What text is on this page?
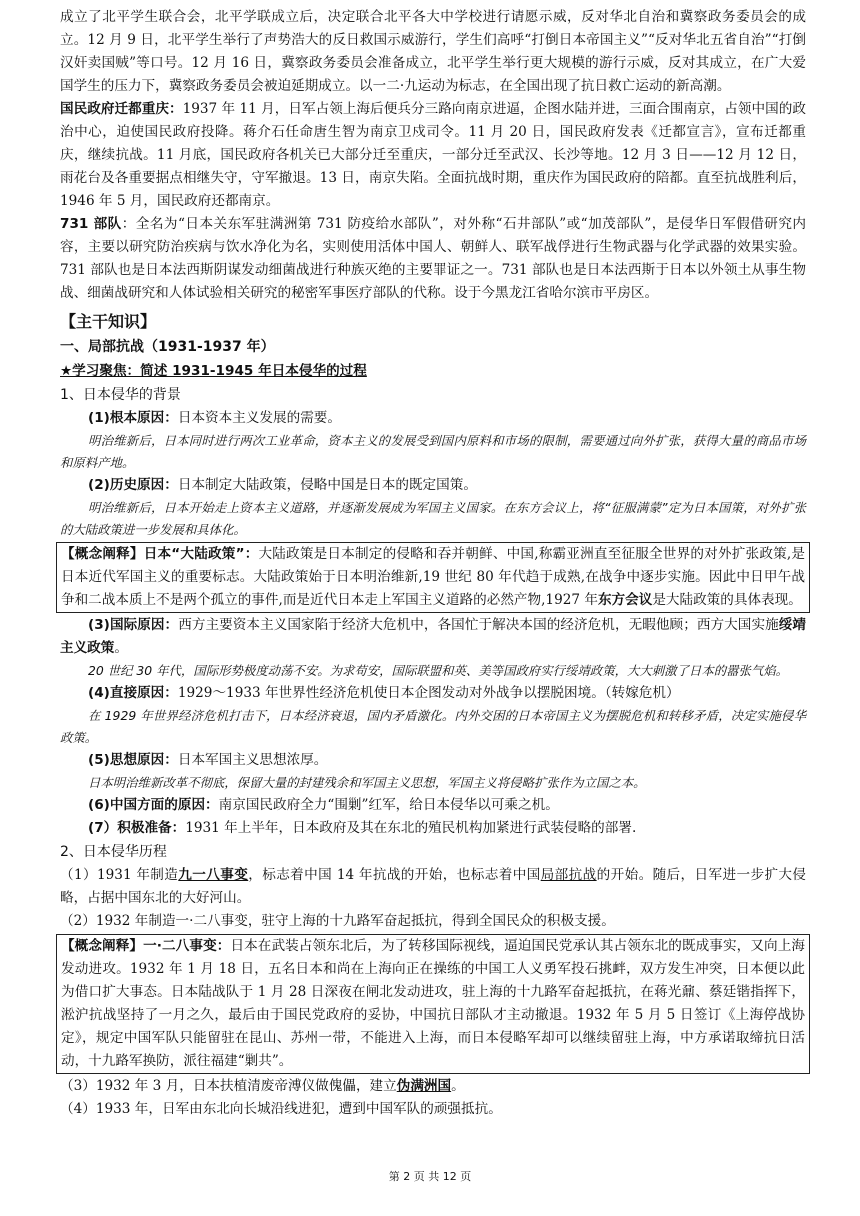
成立了北平学生联合会，北平学联成立后，决定联合北平各大中学校进行请愿示威，反对华北自治和冀察政务委员会的成立。12 月 9 日，北平学生举行了声势浩大的反日救国示威游行，学生们高呼“打倒日本帝国主义”“反对华北五省自治”“打倒汉奸卖国贼”等口号。12 月 16 日，冀察政务委员会准备成立，北平学生举行更大规模的游行示威，反对其成立，在广大爱国学生的压力下，冀察政务委员会被迫延期成立。以一二·九运动为标志，在全国出现了抗日救亡运动的新高潮。

国民政府迁都重庆：1937 年 11 月，日军占领上海后便兵分三路向南京进逼，企图水陆并进，三面合围南京，占领中国的政治中心，迫使国民政府投降。蒋介石任命唐生智为南京卫戍司令。11 月 20 日，国民政府发表《迁都宣言》，宣布迁都重庆，继续抗战。11 月底，国民政府各机关已大部分迁至重庆，一部分迁至武汉、长沙等地。12 月 3 日——12 月 12 日，雨花台及各重要据点相继失守，守军撤退。13 日，南京失陷。全面抗战时期，重庆作为国民政府的陪都。直至抗战胜利后，1946 年 5 月，国民政府还都南京。

731 部队：全名为“日本关东军驻满洲第 731 防疫给水部队”，对外称“石井部队”或“加茂部队”，是侵华日军假借研究内容，主要以研究防治疾病与饮水净化为名，实则使用活体中国人、朝鲜人、联军战俘进行生物武器与化学武器的效果实验。731 部队也是日本法西斯阴谋发动细菌战进行种族灭绝的主要罪证之一。731 部队也是日本法西斯于日本以外领土从事生物战、细菌战研究和人体试验相关研究的秘密军事医疗部队的代称。设于今黑龙江省哈尔滨市平房区。

【主干知识】
一、局部抗战（1931-1937 年）
★学习聚焦：简述 1931-1945 年日本侵华的过程
1、日本侵华的背景

(1)根本原因：日本资本主义发展的需要。

明治维新后，日本同时进行两次工业革命，资本主义的发展受到国内原料和市场的限制，需要通过向外扩张，获得大量的商品市场和原料产地。

(2)历史原因：日本制定大陆政策，侵略中国是日本的既定国策。

明治维新后，日本开始走上资本主义道路，并逐渐发展成为军国主义国家。在东方会议上，将“征服满蒙”定为日本国策，对外扩张的大陆政策进一步发展和具体化。

【概念阐释】日本“大陆政策”：大陆政策是日本制定的侵略和吞并朝鲜、中国,称霸亚洲直至征服全世界的对外扩张政策,是日本近代军国主义的重要标志。大陆政策始于日本明治维新,19 世纪 80 年代趋于成熟,在战争中逐步实施。因此中日甲午战争和二战本质上不是两个孤立的事件,而是近代日本走上军国主义道路的必然产物,1927 年东方会议是大陆政策的具体表现。

(3)国际原因：西方主要资本主义国家陷于经济大危机中，各国忙于解决本国的经济危机，无暇他顾；西方大国实施绥靖主义政策。

20 世纪 30 年代，国际形势极度动荡不安。为求苟安，国际联盟和英、美等国政府实行绥靖政策，大大刺激了日本的嚣张气焰。

(4)直接原因：1929～1933 年世界性经济危机使日本企图发动对外战争以摆脱困境。（转嫁危机）

在 1929 年世界经济危机打击下，日本经济衰退，国内矛盾激化。内外交困的日本帝国主义为摆脱危机和转移矛盾，决定实施侵华政策。

(5)思想原因：日本军国主义思想浓厚。

日本明治维新改革不彻底，保留大量的封建残余和军国主义思想，军国主义将侵略扩张作为立国之本。

(6)中国方面的原因：南京国民政府全力“围剿”红军，给日本侵华以可乘之机。

(7）积极准备：1931 年上半年，日本政府及其在东北的殖民机构加紧进行武装侵略的部署.

2、日本侵华历程

（1）1931 年制造九一八事变，标志着中国 14 年抗战的开始，也标志着中国局部抗战的开始。随后，日军进一步扩大侵略，占据中国东北的大好河山。

（2）1932 年制造一·二八事变，驻守上海的十九路军奋起抵抗，得到全国民众的积极支援。

【概念阐释】一·二八事变：日本在武装占领东北后，为了转移国际视线，逼迫国民党承认其占领东北的既成事实，又向上海发动进攻。1932 年 1 月 18 日，五名日本和尚在上海向正在操练的中国工人义勇军投石挑衅，双方发生冲突，日本便以此为借口扩大事态。日本陆战队于 1 月 28 日深夜在闸北发动进攻，驻上海的十九路军奋起抵抗，在蒋光鼐、蔡廷锴指挥下，淞沪抗战坚持了一月之久，最后由于国民党政府的妥协，中国抗日部队才主动撤退。1932 年 5 月 5 日签订《上海停战协定》，规定中国军队只能留驻在昆山、苏州一带，不能进入上海，而日本侵略军却可以继续留驻上海，中方承诺取缔抗日活动，十九路军换防，派往福建“剿共”。

（3）1932 年 3 月，日本扶植清废帝溥仪做傀儡，建立伪满洲国。

（4）1933 年，日军由东北向长城沿线进犯，遭到中国军队的顽强抵抗。

第 2 页 共 12 页
